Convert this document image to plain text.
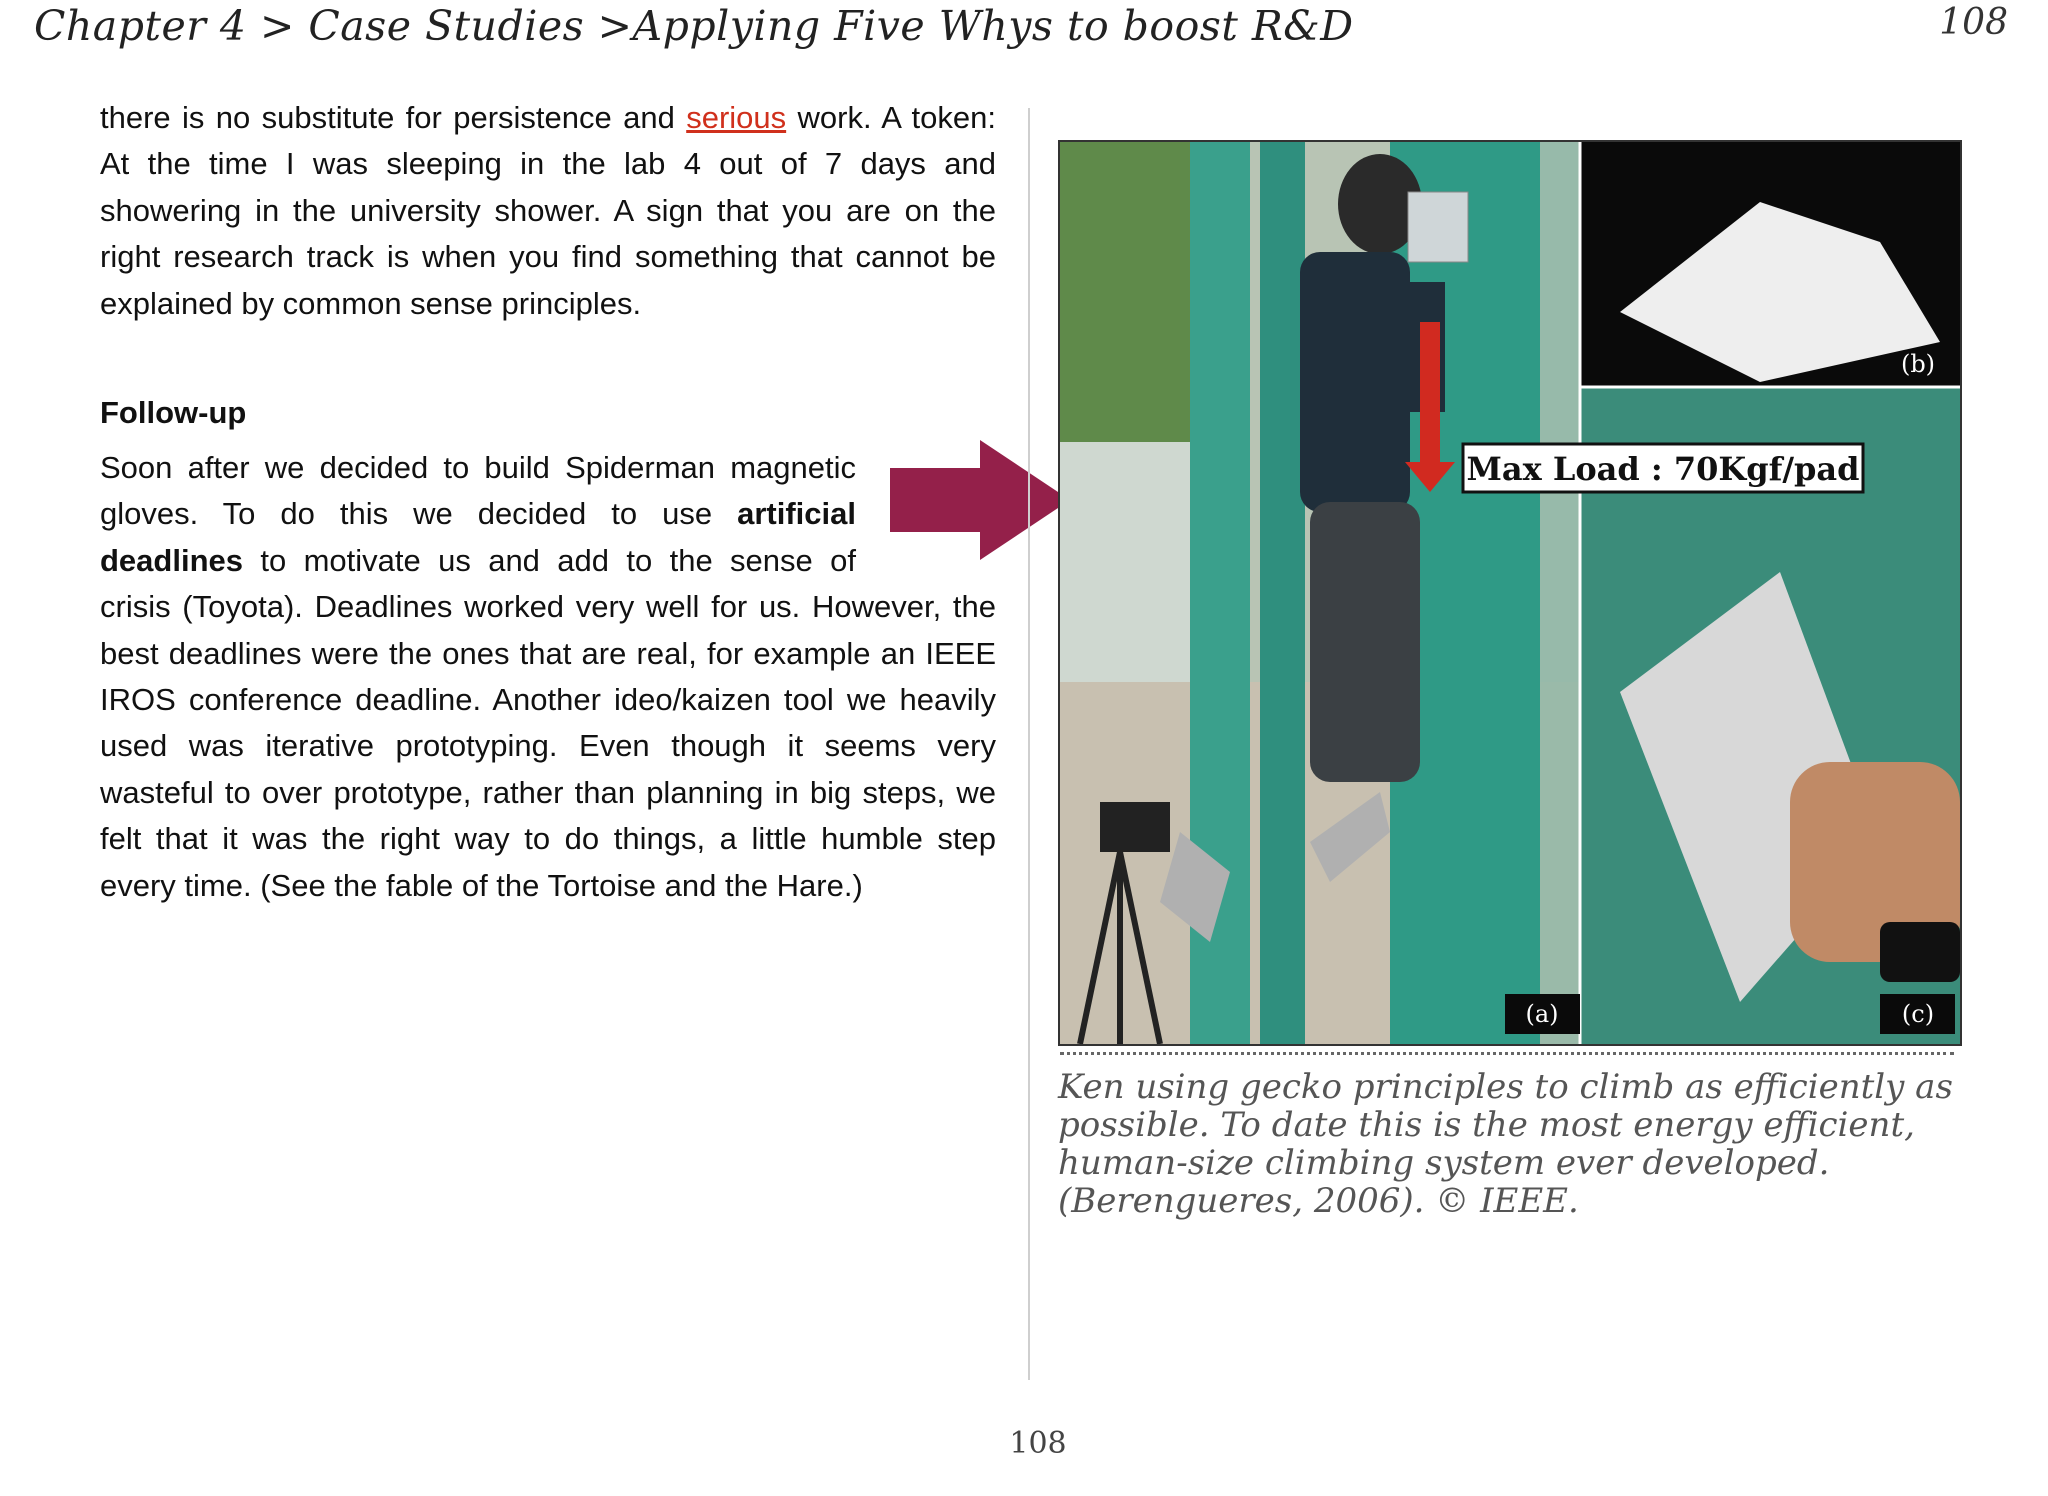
Chapter 4 > Case Studies >Applying Five Whys to boost R&D	108

there is no substitute for persistence and serious work. A token: At the time I was sleeping in the lab 4 out of 7 days and showering in the university shower. A sign that you are on the right research track is when you find something that cannot be explained by common sense principles.

Follow-up

Soon after we decided to build Spiderman magnetic gloves. To do this we decided to use artificial deadlines to motivate us and add to the sense of crisis (Toyota). Deadlines worked very well for us. However, the best deadlines were the ones that are real, for example an IEEE IROS conference deadline. Another ideo/kaizen tool we heavily used was iterative prototyping. Even though it seems very wasteful to over prototype, rather than planning in big steps, we felt that it was the right way to do things, a little humble step every time. (See the fable of the Tortoise and the Hare.)

Max Load : 70Kgf/pad
(a)
(b)
(c)
Ken using gecko principles to climb as efficiently as possible. To date this is the most energy efficient, human-size climbing system ever developed. (Berengueres, 2006). © IEEE.
108
